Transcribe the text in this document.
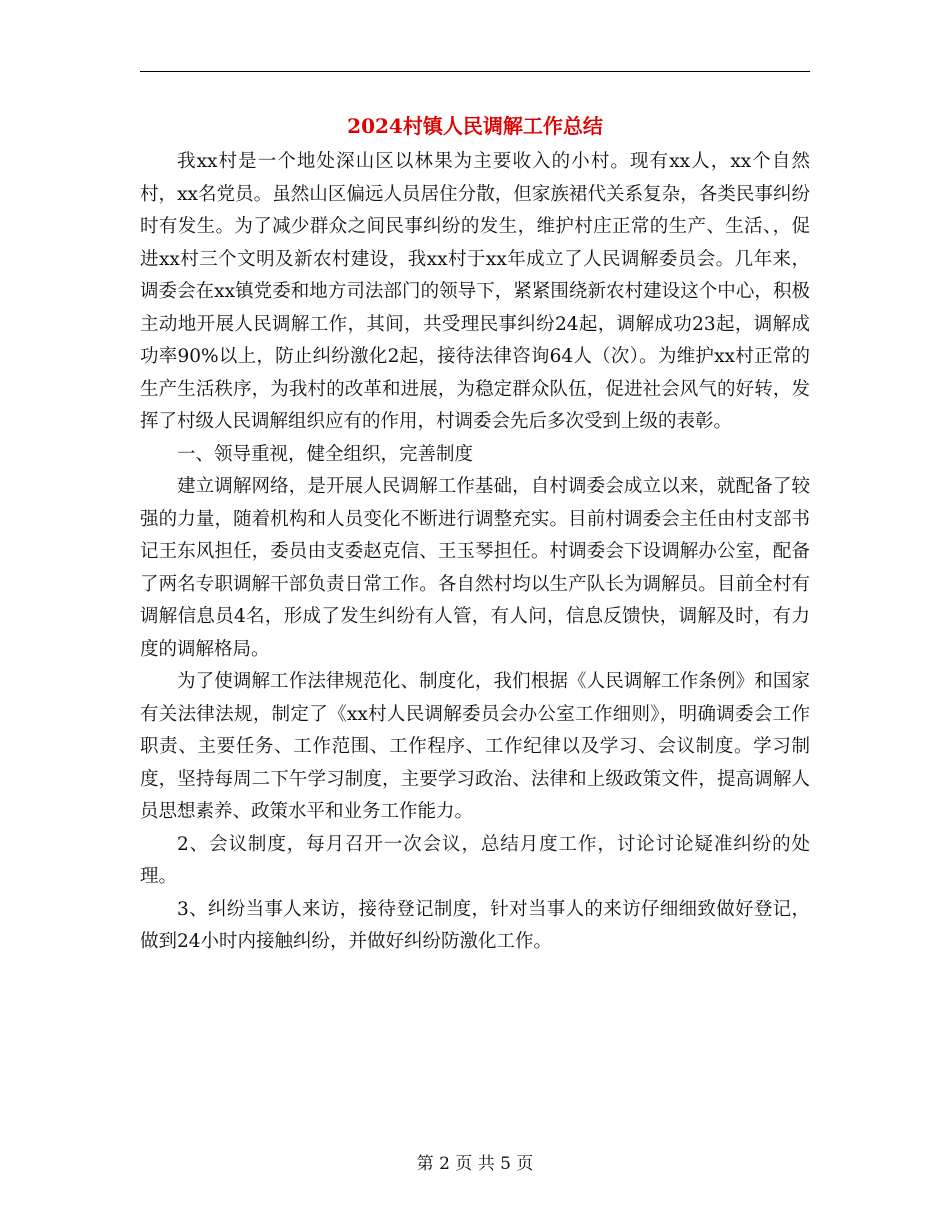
2024村镇人民调解工作总结

我xx村是一个地处深山区以林果为主要收入的小村。现有xx人，xx个自然村，xx名党员。虽然山区偏远人员居住分散，但家族裙代关系复杂，各类民事纠纷时有发生。为了减少群众之间民事纠纷的发生，维护村庄正常的生产、生活、，促进xx村三个文明及新农村建设，我xx村于xx年成立了人民调解委员会。几年来，调委会在xx镇党委和地方司法部门的领导下，紧紧围绕新农村建设这个中心，积极主动地开展人民调解工作，其间，共受理民事纠纷24起，调解成功23起，调解成功率90%以上，防止纠纷激化2起，接待法律咨询64人（次）。为维护xx村正常的生产生活秩序，为我村的改革和进展，为稳定群众队伍，促进社会风气的好转，发挥了村级人民调解组织应有的作用，村调委会先后多次受到上级的表彰。

一、领导重视，健全组织，完善制度

建立调解网络，是开展人民调解工作基础，自村调委会成立以来，就配备了较强的力量，随着机构和人员变化不断进行调整充实。目前村调委会主任由村支部书记王东风担任，委员由支委赵克信、王玉琴担任。村调委会下设调解办公室，配备了两名专职调解干部负责日常工作。各自然村均以生产队长为调解员。目前全村有调解信息员4名，形成了发生纠纷有人管，有人问，信息反馈快，调解及时，有力度的调解格局。

为了使调解工作法律规范化、制度化，我们根据《人民调解工作条例》和国家有关法律法规，制定了《xx村人民调解委员会办公室工作细则》，明确调委会工作职责、主要任务、工作范围、工作程序、工作纪律以及学习、会议制度。学习制度，坚持每周二下午学习制度，主要学习政治、法律和上级政策文件，提高调解人员思想素养、政策水平和业务工作能力。

2、会议制度，每月召开一次会议，总结月度工作，讨论讨论疑准纠纷的处理。

3、纠纷当事人来访，接待登记制度，针对当事人的来访仔细细致做好登记，做到24小时内接触纠纷，并做好纠纷防激化工作。

第 2 页 共 5 页
